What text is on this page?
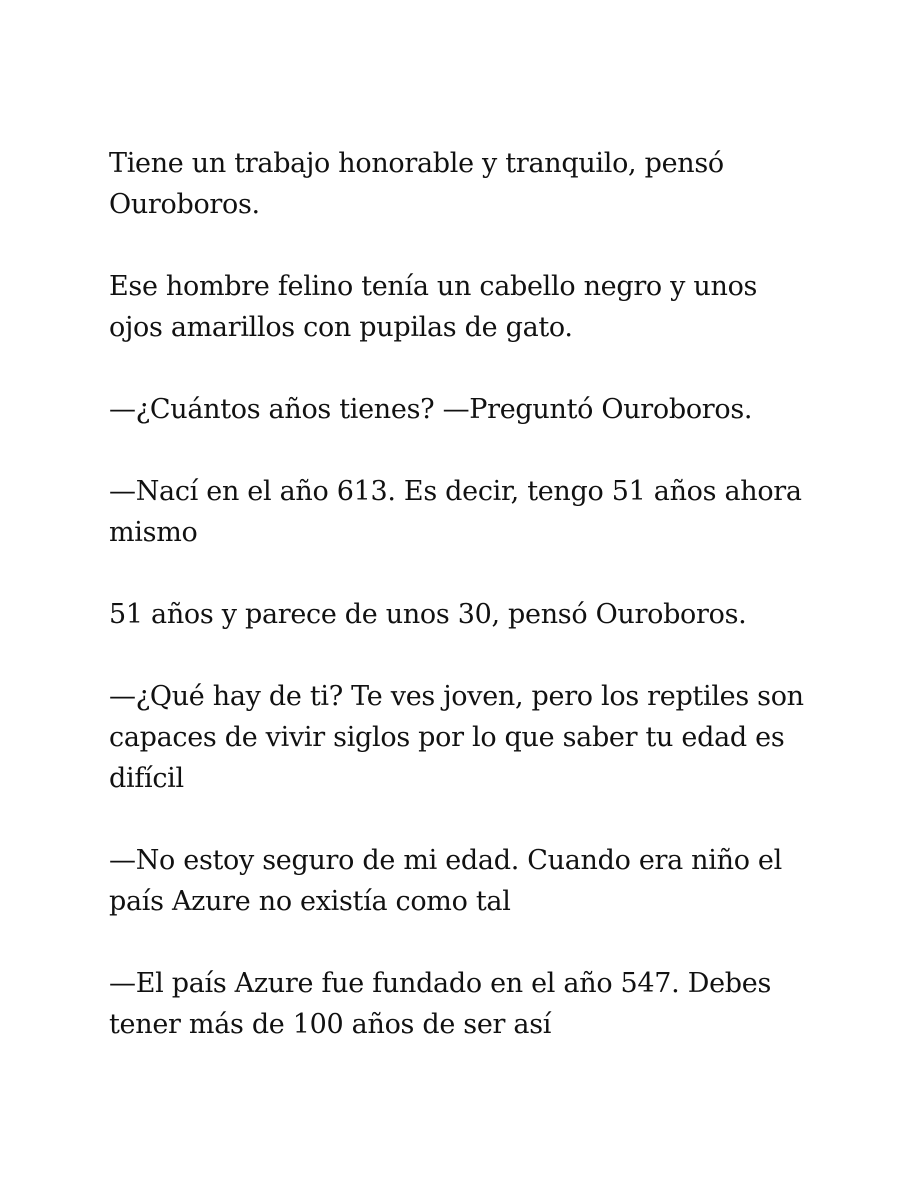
Tiene un trabajo honorable y tranquilo, pensó Ouroboros.

Ese hombre felino tenía un cabello negro y unos ojos amarillos con pupilas de gato.

—¿Cuántos años tienes? —Preguntó Ouroboros.

—Nací en el año 613. Es decir, tengo 51 años ahora mismo

51 años y parece de unos 30, pensó Ouroboros.

—¿Qué hay de ti? Te ves joven, pero los reptiles son capaces de vivir siglos por lo que saber tu edad es difícil

—No estoy seguro de mi edad. Cuando era niño el país Azure no existía como tal

—El país Azure fue fundado en el año 547. Debes tener más de 100 años de ser así
